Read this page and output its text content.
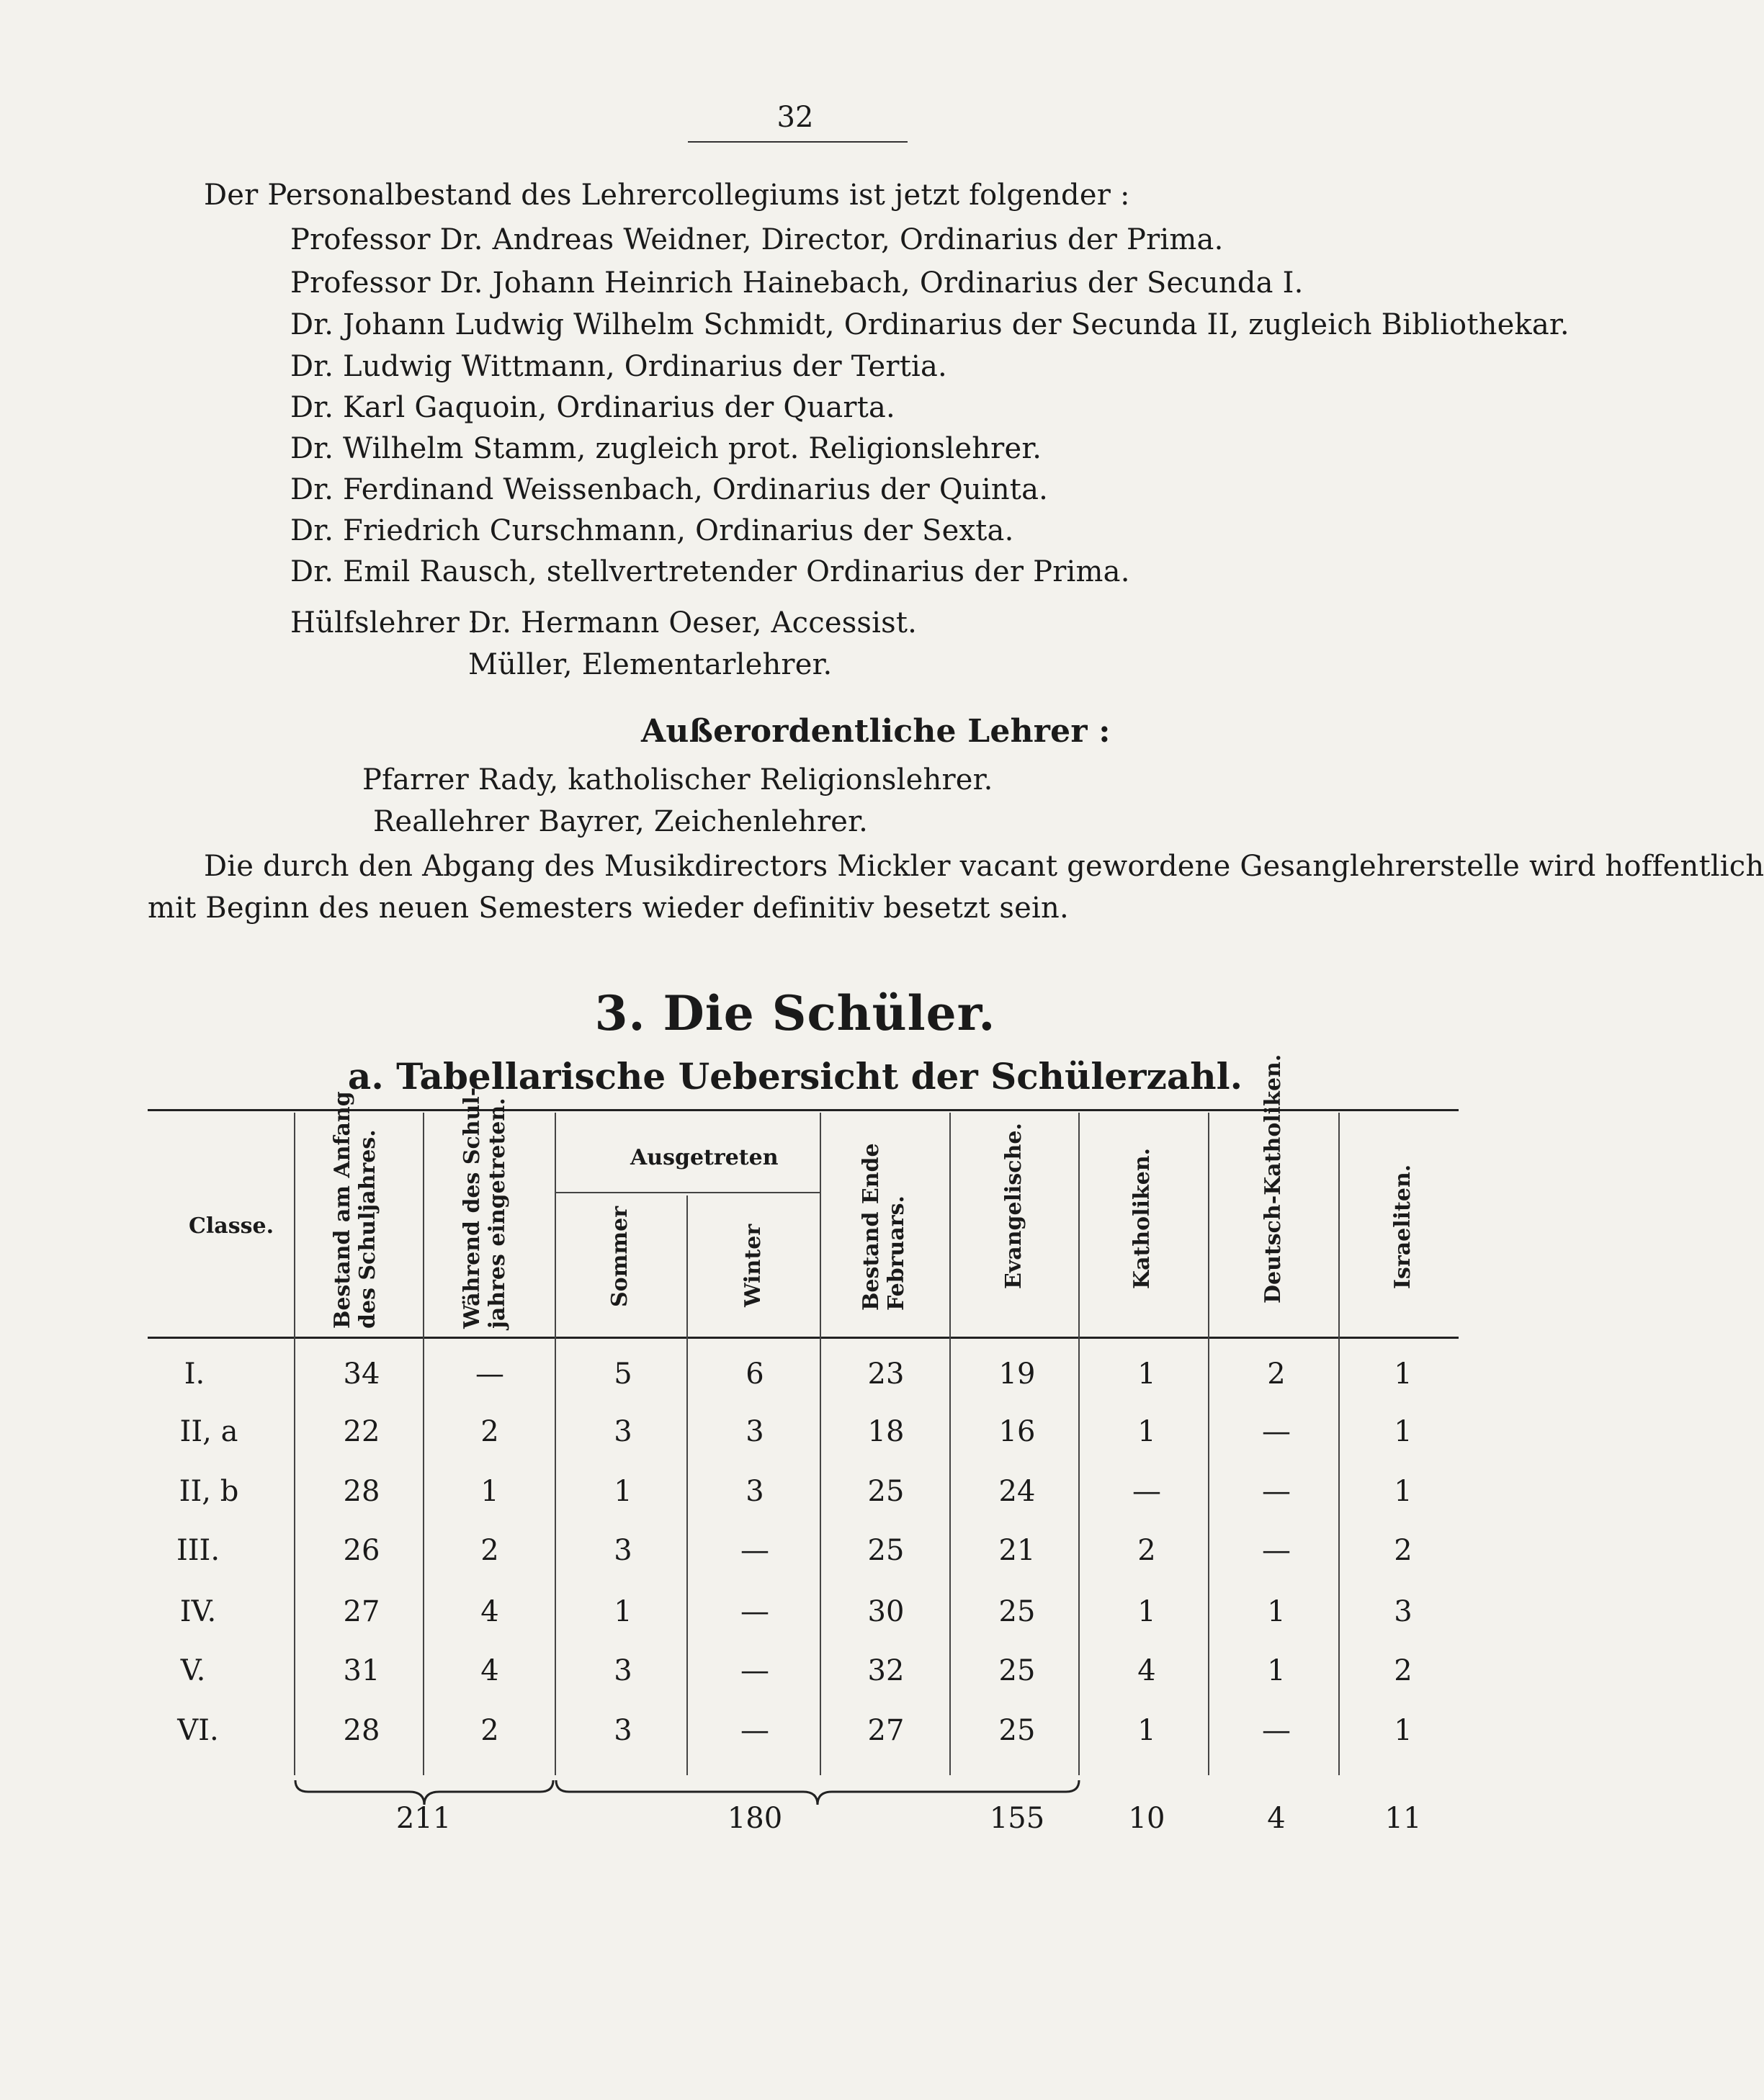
32
Der Personalbestand des Lehrercollegiums ist jetzt folgender :
Professor Dr. Andreas Weidner, Director, Ordinarius der Prima.
Professor Dr. Johann Heinrich Hainebach, Ordinarius der Secunda I.
Dr. Johann Ludwig Wilhelm Schmidt, Ordinarius der Secunda II, zugleich Bibliothekar.
Dr. Ludwig Wittmann, Ordinarius der Tertia.
Dr. Karl Gaquoin, Ordinarius der Quarta.
Dr. Wilhelm Stamm, zugleich prot. Religionslehrer.
Dr. Ferdinand Weissenbach, Ordinarius der Quinta.
Dr. Friedrich Curschmann, Ordinarius der Sexta.
Dr. Emil Rausch, stellvertretender Ordinarius der Prima.
Hülfslehrer :
Dr. Hermann Oeser, Accessist.
Müller, Elementarlehrer.
Außerordentliche Lehrer :
Pfarrer Rady, katholischer Religionslehrer.
Reallehrer Bayrer, Zeichenlehrer.
Die durch den Abgang des Musikdirectors Mickler vacant gewordene Gesanglehrerstelle wird hoffentlich
mit Beginn des neuen Semesters wieder definitiv besetzt sein.
3. Die Schüler.
a. Tabellarische Uebersicht der Schülerzahl.
Classe.	Bestand am Anfang des Schuljahres.	Während des Schul- jahres eingetreten.	Ausgetreten
Sommer	Winter	Bestand Ende Februars.	Evangelische.	Katholiken.	Deutsch-Katholiken.	Israeliten.
I.	34	—	5	6	23	19	1	2	1
II, a	22	2	3	3	18	16	1	—	1
II, b	28	1	1	3	25	24	—	—	1
III.	26	2	3	—	25	21	2	—	2
IV.	27	4	1	—	30	25	1	1	3
V.	31	4	3	—	32	25	4	1	2
VI.	28	2	3	—	27	25	1	—	1
211	180	155	10	4	11
